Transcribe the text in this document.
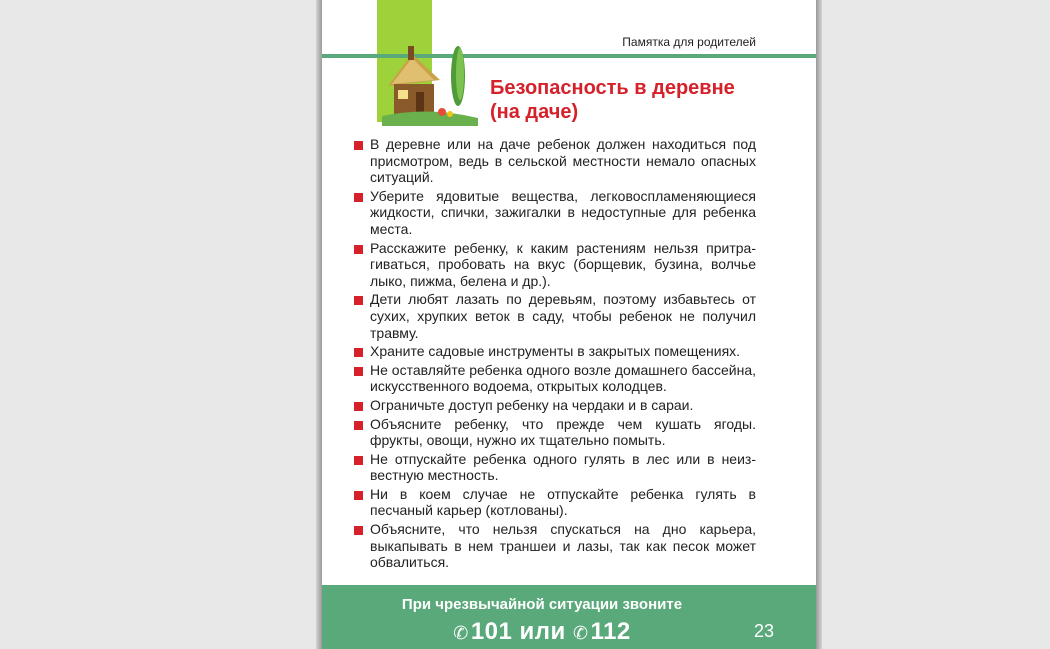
Памятка для родителей
Безопасность в деревне
(на даче)
В деревне или на даче ребенок должен находиться под присмотром, ведь в сельской местности немало опасных ситуаций.
Уберите ядовитые вещества, легковоспламеняющиеся жидкости, спички, зажигалки в недоступные для ребенка места.
Расскажите ребенку, к каким растениям нельзя притрагиваться, пробовать на вкус (борщевик, бузина, волчье лыко, пижма, белена и др.).
Дети любят лазать по деревьям, поэтому избавьтесь от сухих, хрупких веток в саду, чтобы ребенок не получил травму.
Храните садовые инструменты в закрытых помещениях.
Не оставляйте ребенка одного возле домашнего бассейна, искусственного водоема, открытых колодцев.
Ограничьте доступ ребенку на чердаки и в сараи.
Объясните ребенку, что прежде чем кушать ягоды. фрукты, овощи, нужно их тщательно помыть.
Не отпускайте ребенка одного гулять в лес или в неизвестную местность.
Ни в коем случае не отпускайте ребенка гулять в песчаный карьер (котлованы).
Объясните, что нельзя спускаться на дно карьера, выкапывать в нем траншеи и лазы, так как песок может обвалиться.
При чрезвычайной ситуации звоните
✆101 или ✆112	23
